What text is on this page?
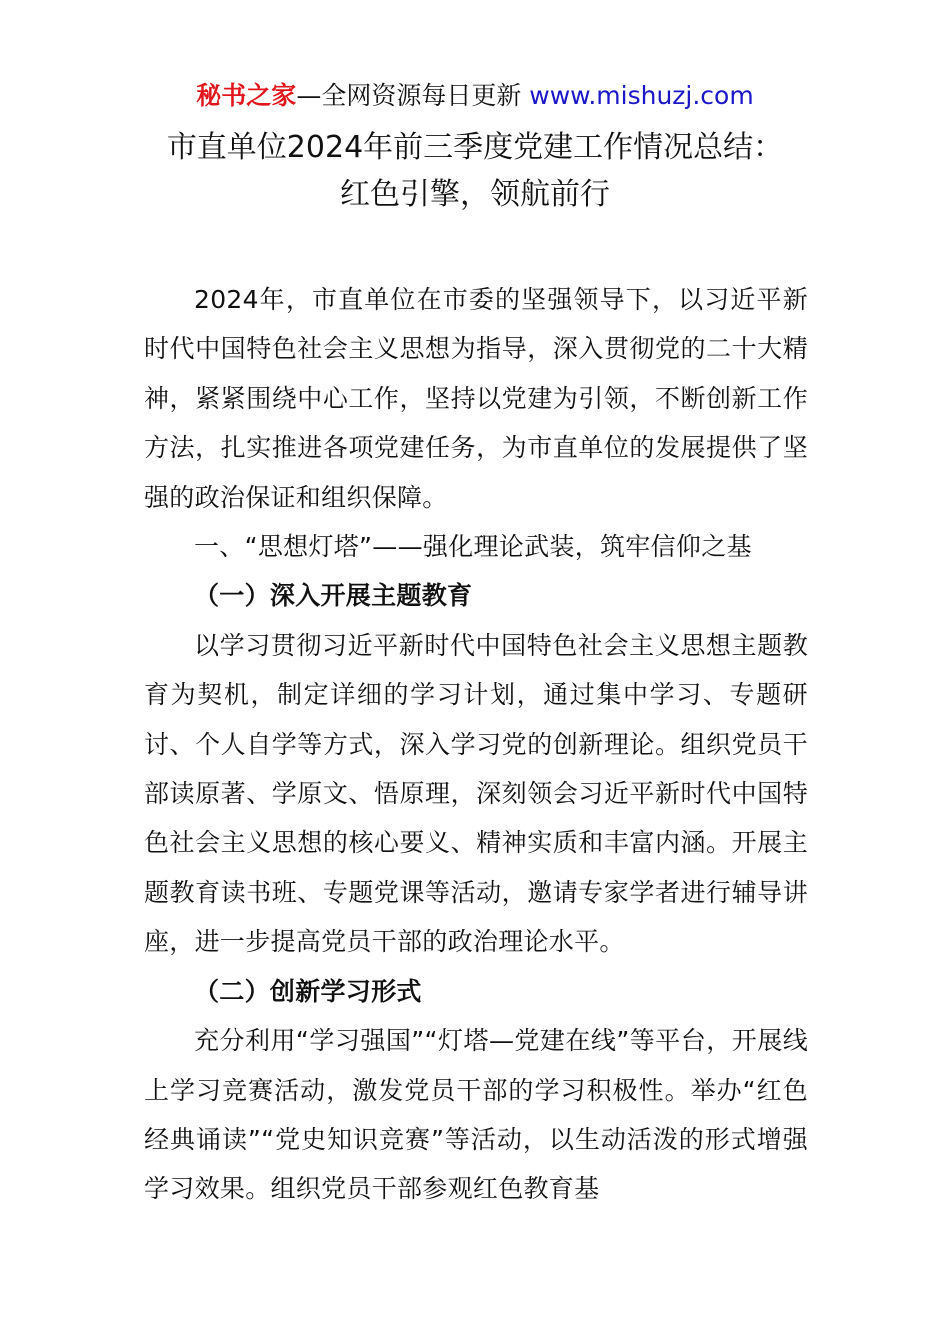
秘书之家—全网资源每日更新 www.mishuzj.com
市直单位2024年前三季度党建工作情况总结：
红色引擎，领航前行

2024年，市直单位在市委的坚强领导下，以习近平新时代中国特色社会主义思想为指导，深入贯彻党的二十大精神，紧紧围绕中心工作，坚持以党建为引领，不断创新工作方法，扎实推进各项党建任务，为市直单位的发展提供了坚强的政治保证和组织保障。

一、“思想灯塔”——强化理论武装，筑牢信仰之基

（一）深入开展主题教育

以学习贯彻习近平新时代中国特色社会主义思想主题教育为契机，制定详细的学习计划，通过集中学习、专题研讨、个人自学等方式，深入学习党的创新理论。组织党员干部读原著、学原文、悟原理，深刻领会习近平新时代中国特色社会主义思想的核心要义、精神实质和丰富内涵。开展主题教育读书班、专题党课等活动，邀请专家学者进行辅导讲座，进一步提高党员干部的政治理论水平。

（二）创新学习形式

充分利用“学习强国”“灯塔—党建在线”等平台，开展线上学习竞赛活动，激发党员干部的学习积极性。举办“红色经典诵读”“党史知识竞赛”等活动，以生动活泼的形式增强学习效果。组织党员干部参观红色教育基
